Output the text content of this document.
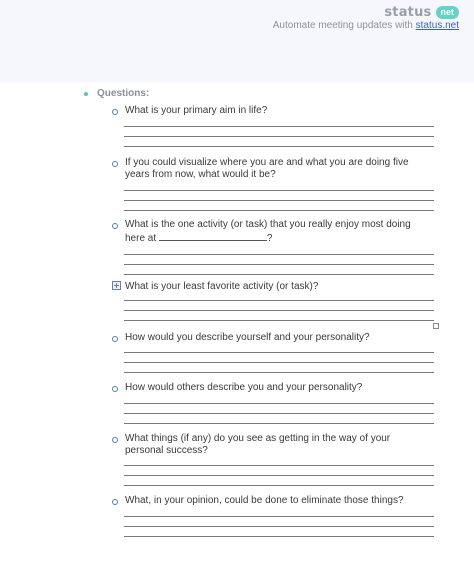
status	net
Automate meeting updates with status.net
Questions:
What is your primary aim in life?
If you could visualize where you are and what you are doing five years from now, what would it be?
What is the one activity (or task) that you really enjoy most doing here at	?
What is your least favorite activity (or task)?
How would you describe yourself and your personality?
How would others describe you and your personality?
What things (if any) do you see as getting in the way of your personal success?
What, in your opinion, could be done to eliminate those things?
